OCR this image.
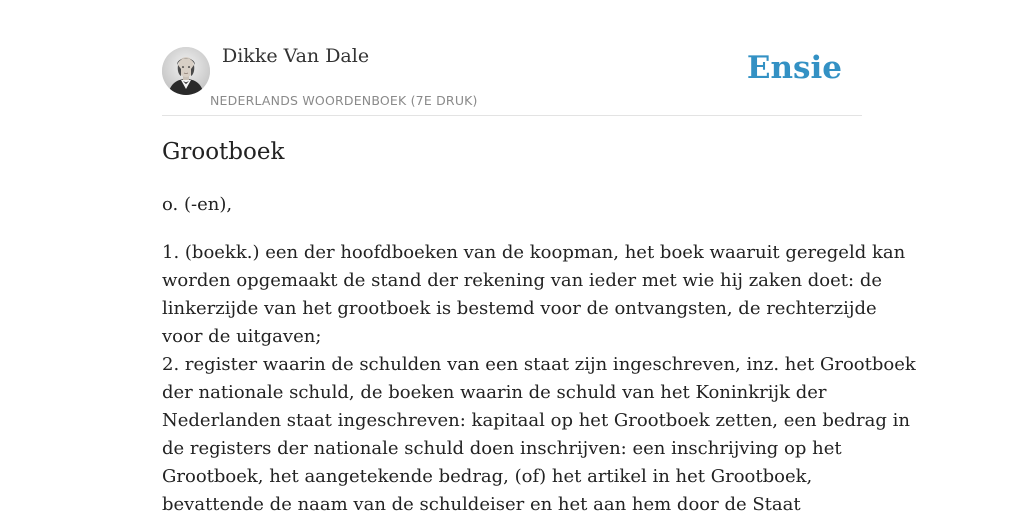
Dikke Van Dale
NEDERLANDS WOORDENBOEK (7E DRUK)
Ensie
Grootboek
o. (-en),
1. (boekk.) een der hoofdboeken van de koopman, het boek waaruit geregeld kan
worden opgemaakt de stand der rekening van ieder met wie hij zaken doet: de
linkerzijde van het grootboek is bestemd voor de ontvangsten, de rechterzijde
voor de uitgaven;
2. register waarin de schulden van een staat zijn ingeschreven, inz. het Grootboek
der nationale schuld, de boeken waarin de schuld van het Koninkrijk der
Nederlanden staat ingeschreven: kapitaal op het Grootboek zetten, een bedrag in
de registers der nationale schuld doen inschrijven: een inschrijving op het
Grootboek, het aangetekende bedrag, (of) het artikel in het Grootboek,
bevattende de naam van de schuldeiser en het aan hem door de Staat
